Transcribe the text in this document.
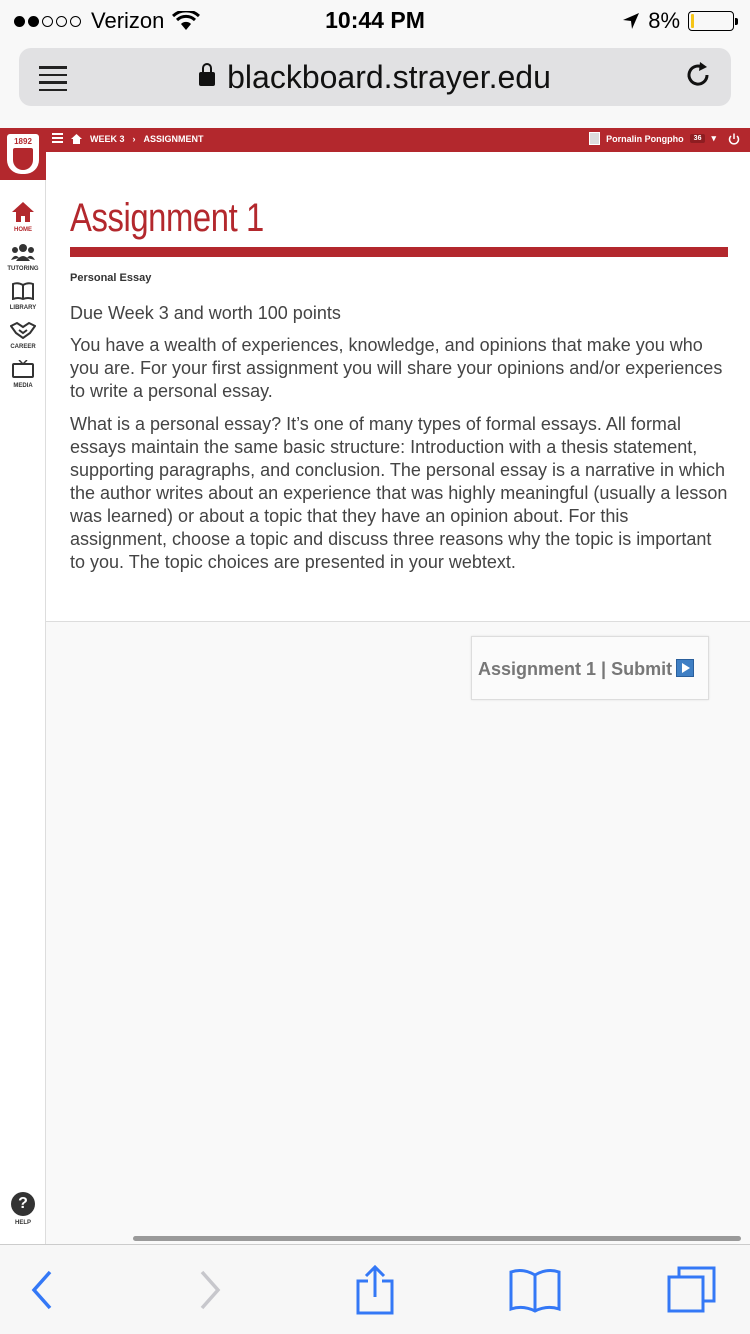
Verizon	10:44 PM	8%
blackboard.strayer.edu
WEEK 3 › ASSIGNMENT	Pornalin Pongpho	36	▾
1892
HOME
TUTORING
LIBRARY
CAREER
MEDIA
?
HELP
Assignment 1
Personal Essay
Due Week 3 and worth 100 points
You have a wealth of experiences, knowledge, and opinions that make you who you are. For your first assignment you will share your opinions and/or experiences to write a personal essay.
What is a personal essay? It’s one of many types of formal essays. All formal essays maintain the same basic structure: Introduction with a thesis statement, supporting paragraphs, and conclusion. The personal essay is a narrative in which the author writes about an experience that was highly meaningful (usually a lesson was learned) or about a topic that they have an opinion about. For this assignment, choose a topic and discuss three reasons why the topic is important to you. The topic choices are presented in your webtext.
Assignment 1 | Submit
